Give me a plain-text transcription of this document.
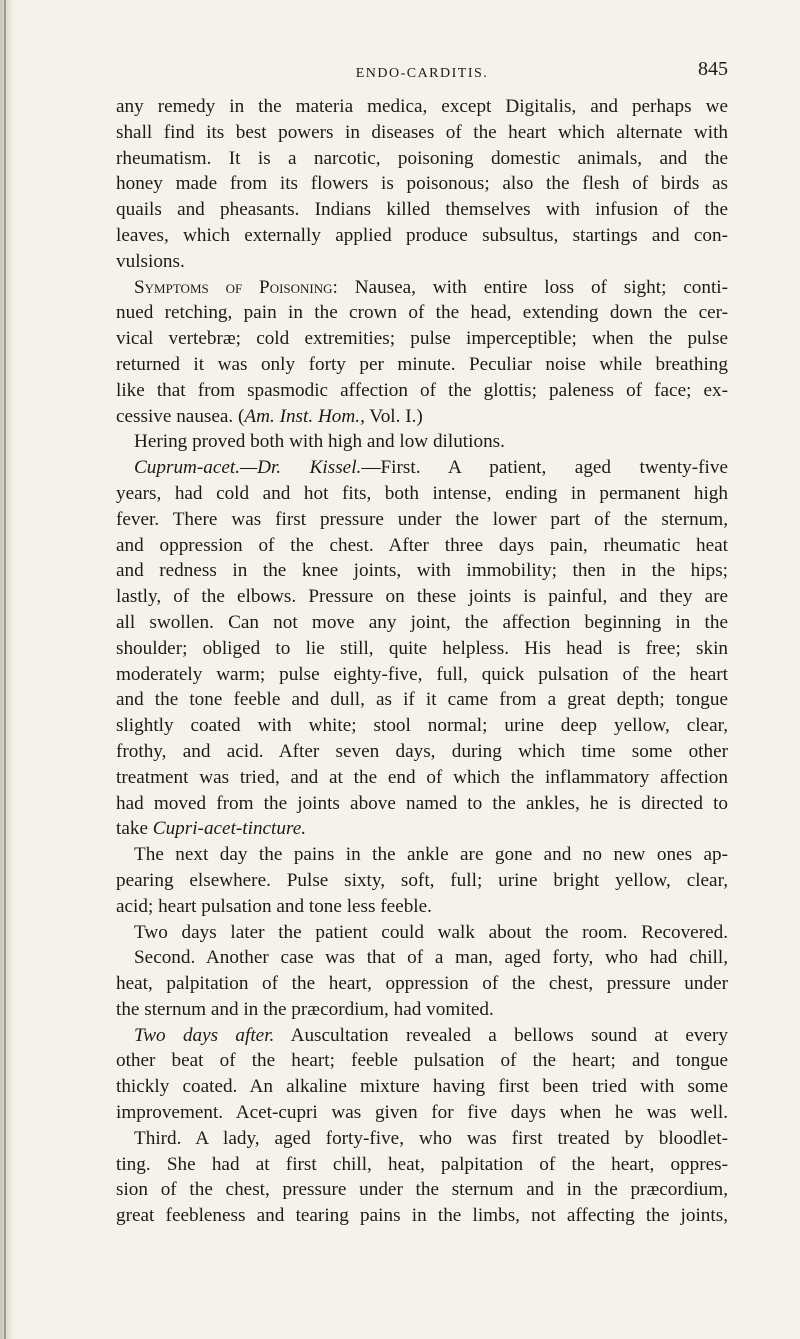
ENDO-CARDITIS.	845
any remedy in the materia medica, except Digitalis, and perhaps we
shall find its best powers in diseases of the heart which alternate with
rheumatism. It is a narcotic, poisoning domestic animals, and the
honey made from its flowers is poisonous; also the flesh of birds as
quails and pheasants. Indians killed themselves with infusion of the
leaves, which externally applied produce subsultus, startings and con-
vulsions.
Symptoms of Poisoning: Nausea, with entire loss of sight; conti-
nued retching, pain in the crown of the head, extending down the cer-
vical vertebræ; cold extremities; pulse imperceptible; when the pulse
returned it was only forty per minute. Peculiar noise while breathing
like that from spasmodic affection of the glottis; paleness of face; ex-
cessive nausea. (Am. Inst. Hom., Vol. I.)
Hering proved both with high and low dilutions.
Cuprum-acet.—Dr. Kissel.—First. A patient, aged twenty-five
years, had cold and hot fits, both intense, ending in permanent high
fever. There was first pressure under the lower part of the sternum,
and oppression of the chest. After three days pain, rheumatic heat
and redness in the knee joints, with immobility; then in the hips;
lastly, of the elbows. Pressure on these joints is painful, and they are
all swollen. Can not move any joint, the affection beginning in the
shoulder; obliged to lie still, quite helpless. His head is free; skin
moderately warm; pulse eighty-five, full, quick pulsation of the heart
and the tone feeble and dull, as if it came from a great depth; tongue
slightly coated with white; stool normal; urine deep yellow, clear,
frothy, and acid. After seven days, during which time some other
treatment was tried, and at the end of which the inflammatory affection
had moved from the joints above named to the ankles, he is directed to
take Cupri-acet-tincture.
The next day the pains in the ankle are gone and no new ones ap-
pearing elsewhere. Pulse sixty, soft, full; urine bright yellow, clear,
acid; heart pulsation and tone less feeble.
Two days later the patient could walk about the room. Recovered.
Second. Another case was that of a man, aged forty, who had chill,
heat, palpitation of the heart, oppression of the chest, pressure under
the sternum and in the præcordium, had vomited.
Two days after. Auscultation revealed a bellows sound at every
other beat of the heart; feeble pulsation of the heart; and tongue
thickly coated. An alkaline mixture having first been tried with some
improvement. Acet-cupri was given for five days when he was well.
Third. A lady, aged forty-five, who was first treated by bloodlet-
ting. She had at first chill, heat, palpitation of the heart, oppres-
sion of the chest, pressure under the sternum and in the præcordium,
great feebleness and tearing pains in the limbs, not affecting the joints,
